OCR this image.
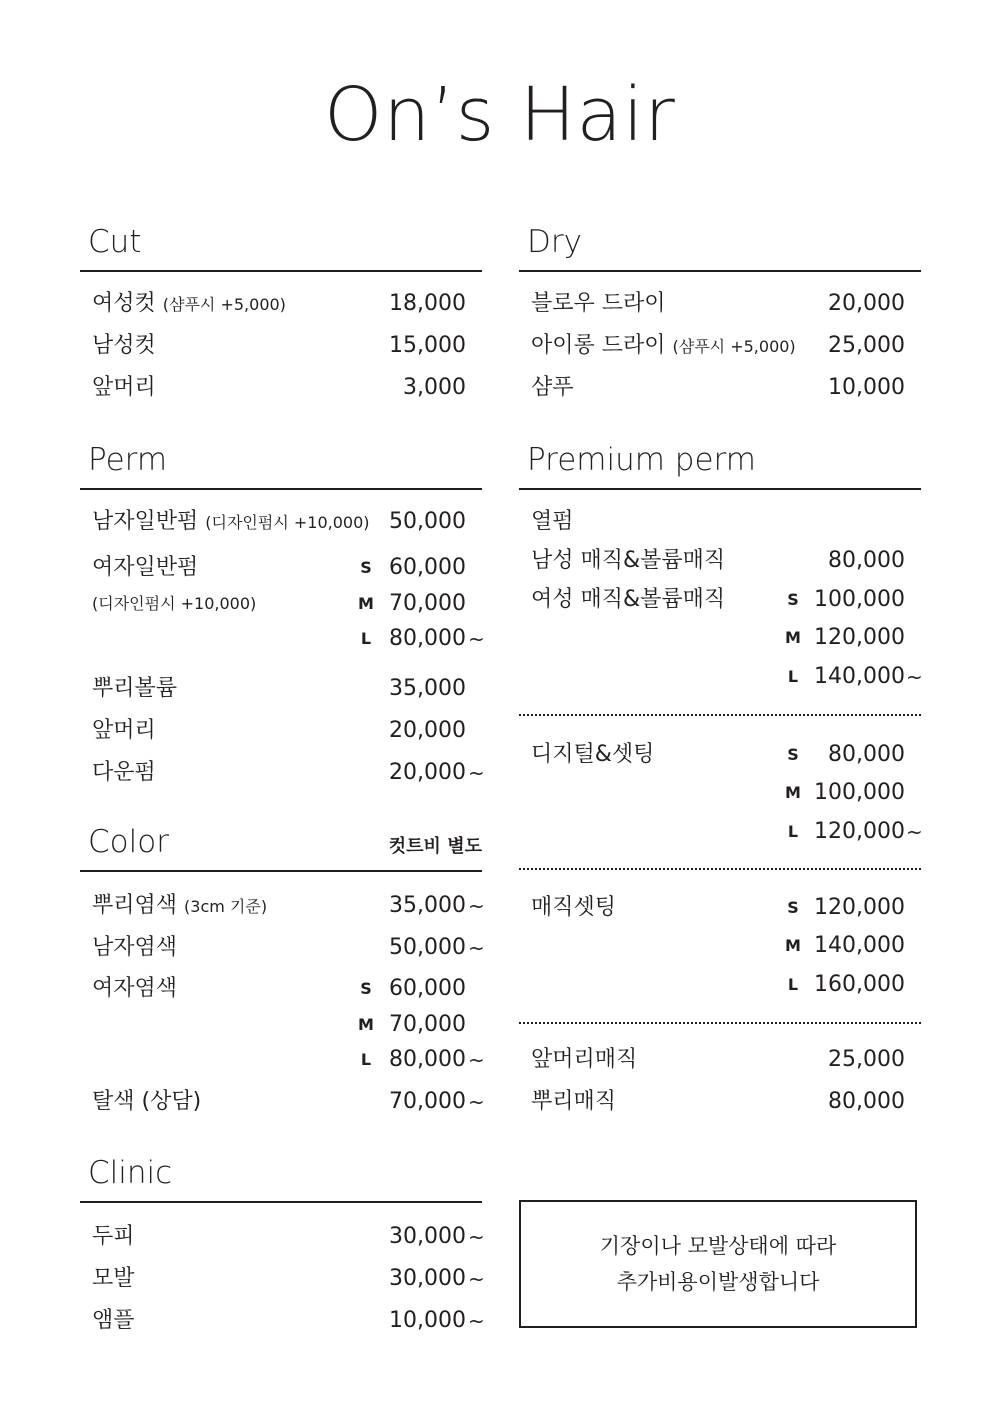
On’s Hair
Cut
여성컷 (샴푸시 +5,000)	18,000
남성컷	15,000
앞머리	3,000
Perm
남자일반펌 (디자인펌시 +10,000) 50,000
여자일반펌	S 60,000
(디자인펌시 +10,000)	M 70,000
L 80,000 ~
뿌리볼륨	35,000
앞머리	20,000
다운펌	20,000 ~
Color	컷트비 별도
뿌리염색 (3cm 기준)	35,000 ~
남자염색	50,000 ~
여자염색	S 60,000
M 70,000
L 80,000 ~
탈색 (상담)	70,000 ~
Clinic
두피	30,000 ~
모발	30,000 ~
앰플	10,000 ~
Dry
블로우 드라이	20,000
아이롱 드라이 (샴푸시 +5,000) 25,000
샴푸	10,000
Premium perm
열펌
남성 매직&볼륨매직	80,000
여성 매직&볼륨매직	S 100,000
M 120,000
L 140,000 ~
디지털&셋팅	S 80,000
M 100,000
L 120,000 ~
매직셋팅	S 120,000
M 140,000
L 160,000
앞머리매직	25,000
뿌리매직	80,000
기장이나 모발상태에 따라
추가비용이발생합니다
